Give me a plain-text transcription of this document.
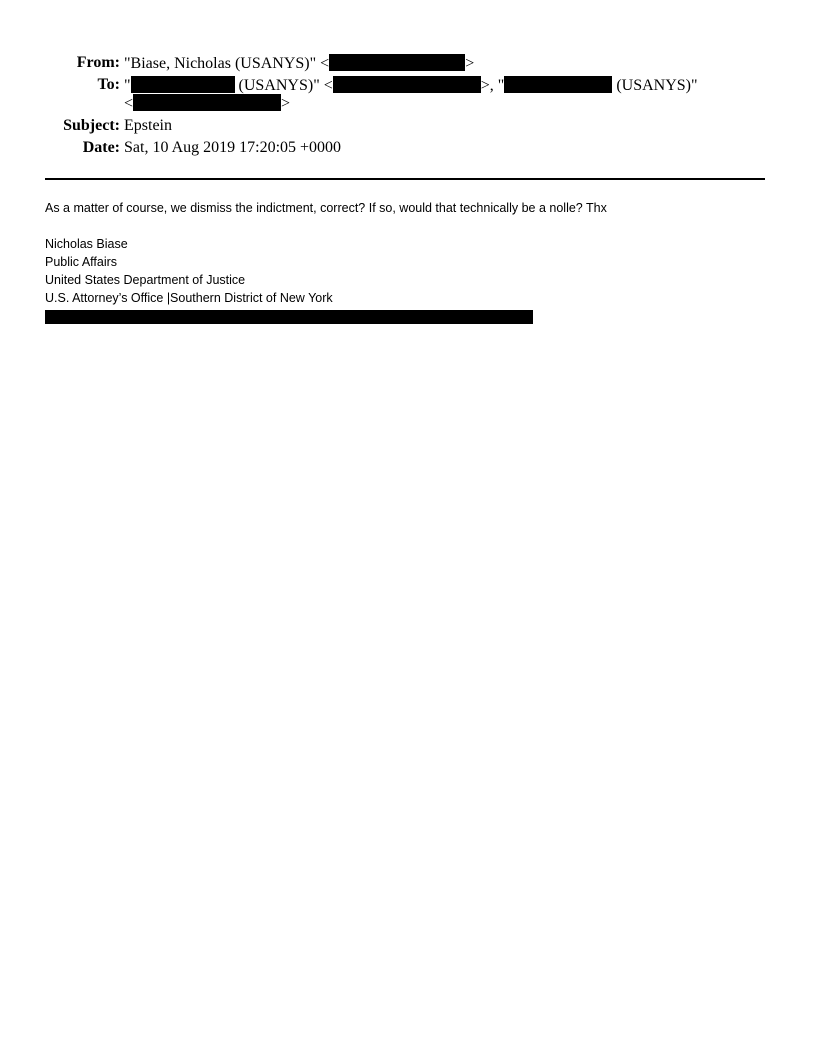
From: "Biase, Nicholas (USANYS)" <	>
To: "	(USANYS)" <	>, "	(USANYS)"
<	>
Subject: Epstein
Date: Sat, 10 Aug 2019 17:20:05 +0000
As a matter of course, we dismiss the indictment, correct? If so, would that technically be a nolle? Thx
Nicholas Biase
Public Affairs
United States Department of Justice
U.S. Attorney’s Office |Southern District of New York
